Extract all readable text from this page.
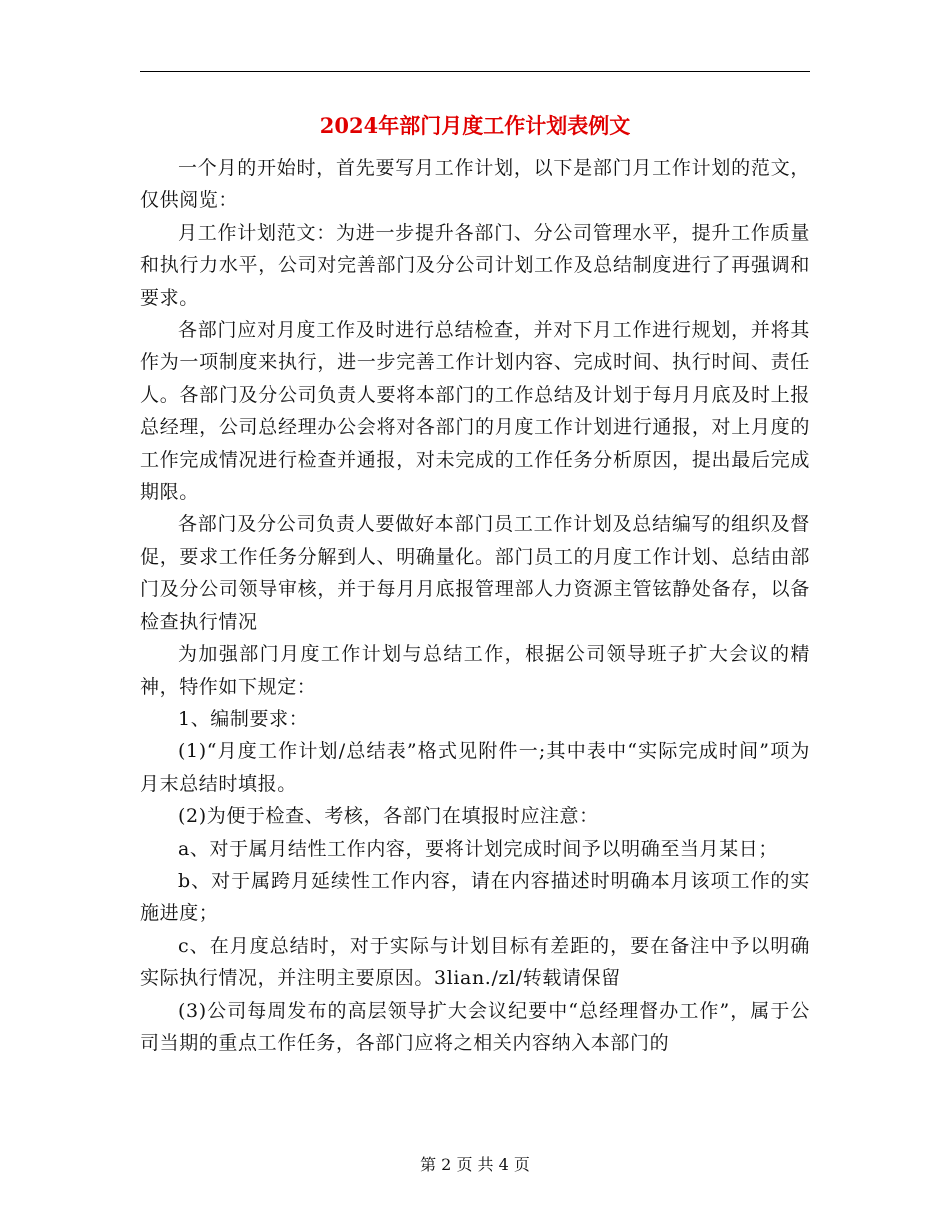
2024年部门月度工作计划表例文

一个月的开始时，首先要写月工作计划，以下是部门月工作计划的范文，仅供阅览：

月工作计划范文：为进一步提升各部门、分公司管理水平，提升工作质量和执行力水平，公司对完善部门及分公司计划工作及总结制度进行了再强调和要求。

各部门应对月度工作及时进行总结检查，并对下月工作进行规划，并将其作为一项制度来执行，进一步完善工作计划内容、完成时间、执行时间、责任人。各部门及分公司负责人要将本部门的工作总结及计划于每月月底及时上报总经理，公司总经理办公会将对各部门的月度工作计划进行通报，对上月度的工作完成情况进行检查并通报，对未完成的工作任务分析原因，提出最后完成期限。

各部门及分公司负责人要做好本部门员工工作计划及总结编写的组织及督促，要求工作任务分解到人、明确量化。部门员工的月度工作计划、总结由部门及分公司领导审核，并于每月月底报管理部人力资源主管铉静处备存，以备检查执行情况

为加强部门月度工作计划与总结工作，根据公司领导班子扩大会议的精神，特作如下规定：

1、编制要求：

(1)“月度工作计划/总结表”格式见附件一;其中表中“实际完成时间”项为月末总结时填报。

(2)为便于检查、考核，各部门在填报时应注意：

a、对于属月结性工作内容，要将计划完成时间予以明确至当月某日；

b、对于属跨月延续性工作内容，请在内容描述时明确本月该项工作的实施进度；

c、在月度总结时，对于实际与计划目标有差距的，要在备注中予以明确实际执行情况，并注明主要原因。3lian./zl/转载请保留

(3)公司每周发布的高层领导扩大会议纪要中“总经理督办工作”，属于公司当期的重点工作任务，各部门应将之相关内容纳入本部门的

第 2 页 共 4 页
